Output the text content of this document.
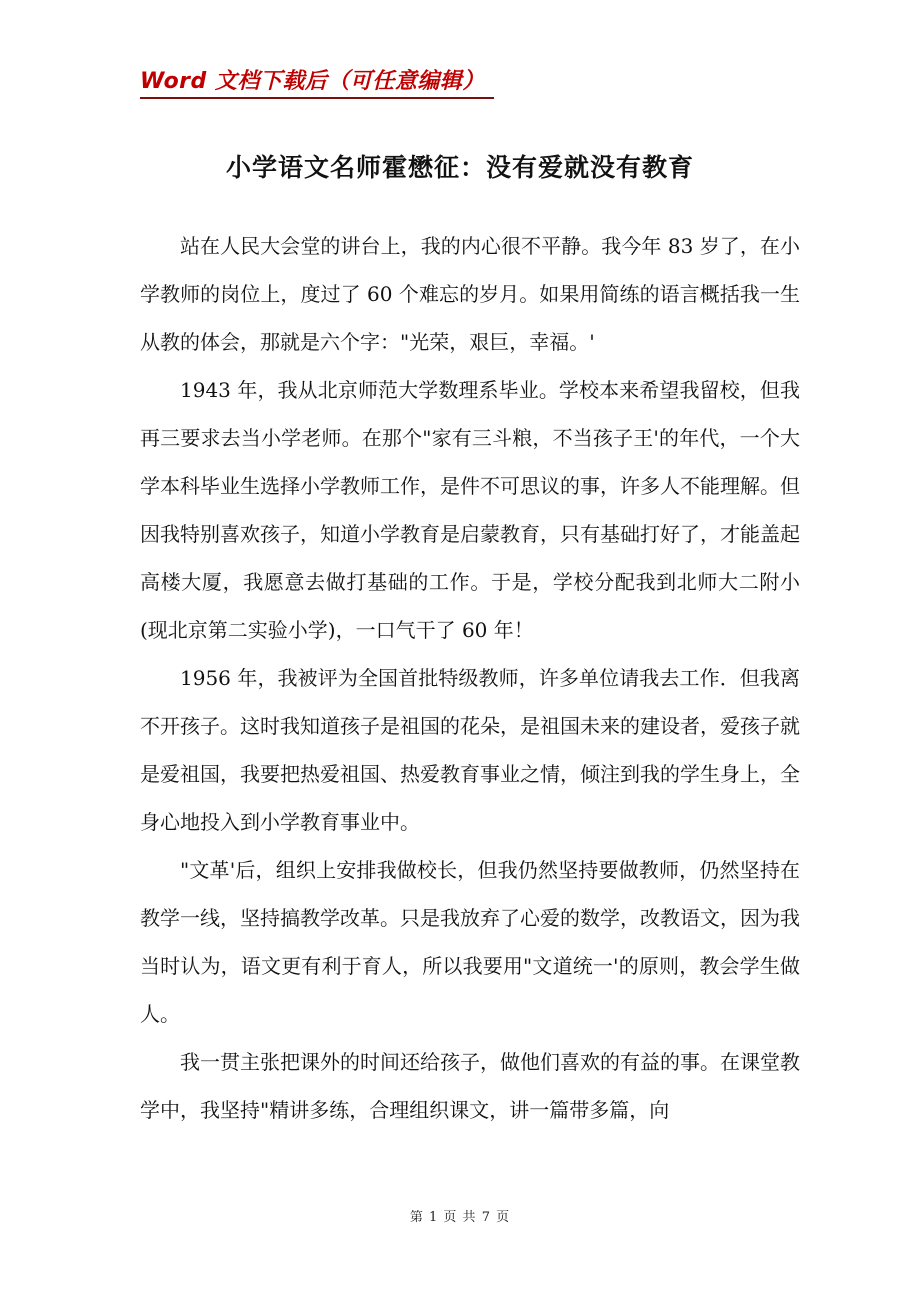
Word 文档下载后（可任意编辑）
小学语文名师霍懋征：没有爱就没有教育

站在人民大会堂的讲台上，我的内心很不平静。我今年 83 岁了，在小学教师的岗位上，度过了 60 个难忘的岁月。如果用简练的语言概括我一生从教的体会，那就是六个字："光荣，艰巨，幸福。'

1943 年，我从北京师范大学数理系毕业。学校本来希望我留校，但我再三要求去当小学老师。在那个"家有三斗粮，不当孩子王'的年代，一个大学本科毕业生选择小学教师工作，是件不可思议的事，许多人不能理解。但因我特别喜欢孩子，知道小学教育是启蒙教育，只有基础打好了，才能盖起高楼大厦，我愿意去做打基础的工作。于是，学校分配我到北师大二附小(现北京第二实验小学)，一口气干了 60 年！

1956 年，我被评为全国首批特级教师，许多单位请我去工作．但我离不开孩子。这时我知道孩子是祖国的花朵，是祖国未来的建设者，爱孩子就是爱祖国，我要把热爱祖国、热爱教育事业之情，倾注到我的学生身上，全身心地投入到小学教育事业中。

"文革'后，组织上安排我做校长，但我仍然坚持要做教师，仍然坚持在教学一线，坚持搞教学改革。只是我放弃了心爱的数学，改教语文，因为我当时认为，语文更有利于育人，所以我要用"文道统一'的原则，教会学生做人。

我一贯主张把课外的时间还给孩子，做他们喜欢的有益的事。在课堂教学中，我坚持"精讲多练，合理组织课文，讲一篇带多篇，向

第 1 页 共 7 页
